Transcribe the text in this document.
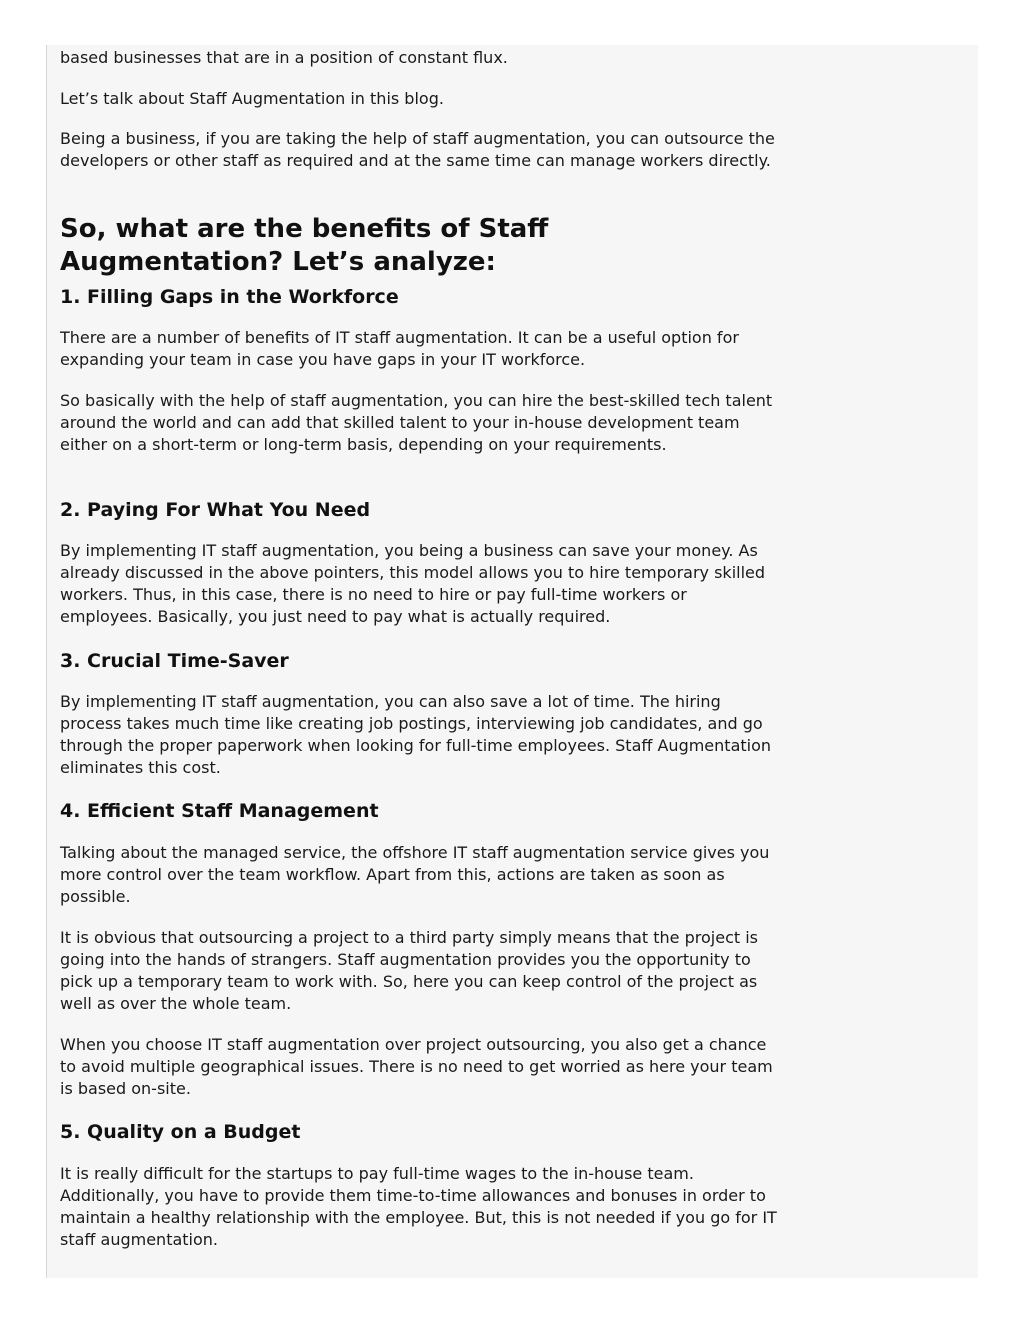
based businesses that are in a position of constant flux.

Let’s talk about Staff Augmentation in this blog.

Being a business, if you are taking the help of staff augmentation, you can outsource the developers or other staff as required and at the same time can manage workers directly.

So, what are the benefits of Staff Augmentation? Let’s analyze:
1. Filling Gaps in the Workforce

There are a number of benefits of IT staff augmentation. It can be a useful option for expanding your team in case you have gaps in your IT workforce.

So basically with the help of staff augmentation, you can hire the best-skilled tech talent around the world and can add that skilled talent to your in-house development team either on a short-term or long-term basis, depending on your requirements.

2. Paying For What You Need

By implementing IT staff augmentation, you being a business can save your money. As already discussed in the above pointers, this model allows you to hire temporary skilled workers. Thus, in this case, there is no need to hire or pay full-time workers or employees. Basically, you just need to pay what is actually required.

3. Crucial Time-Saver

By implementing IT staff augmentation, you can also save a lot of time. The hiring process takes much time like creating job postings, interviewing job candidates, and go through the proper paperwork when looking for full-time employees. Staff Augmentation eliminates this cost.

4. Efficient Staff Management

Talking about the managed service, the offshore IT staff augmentation service gives you more control over the team workflow. Apart from this, actions are taken as soon as possible.

It is obvious that outsourcing a project to a third party simply means that the project is going into the hands of strangers. Staff augmentation provides you the opportunity to pick up a temporary team to work with. So, here you can keep control of the project as well as over the whole team.

When you choose IT staff augmentation over project outsourcing, you also get a chance to avoid multiple geographical issues. There is no need to get worried as here your team is based on-site.

5. Quality on a Budget

It is really difficult for the startups to pay full-time wages to the in-house team. Additionally, you have to provide them time-to-time allowances and bonuses in order to maintain a healthy relationship with the employee. But, this is not needed if you go for IT staff augmentation.
